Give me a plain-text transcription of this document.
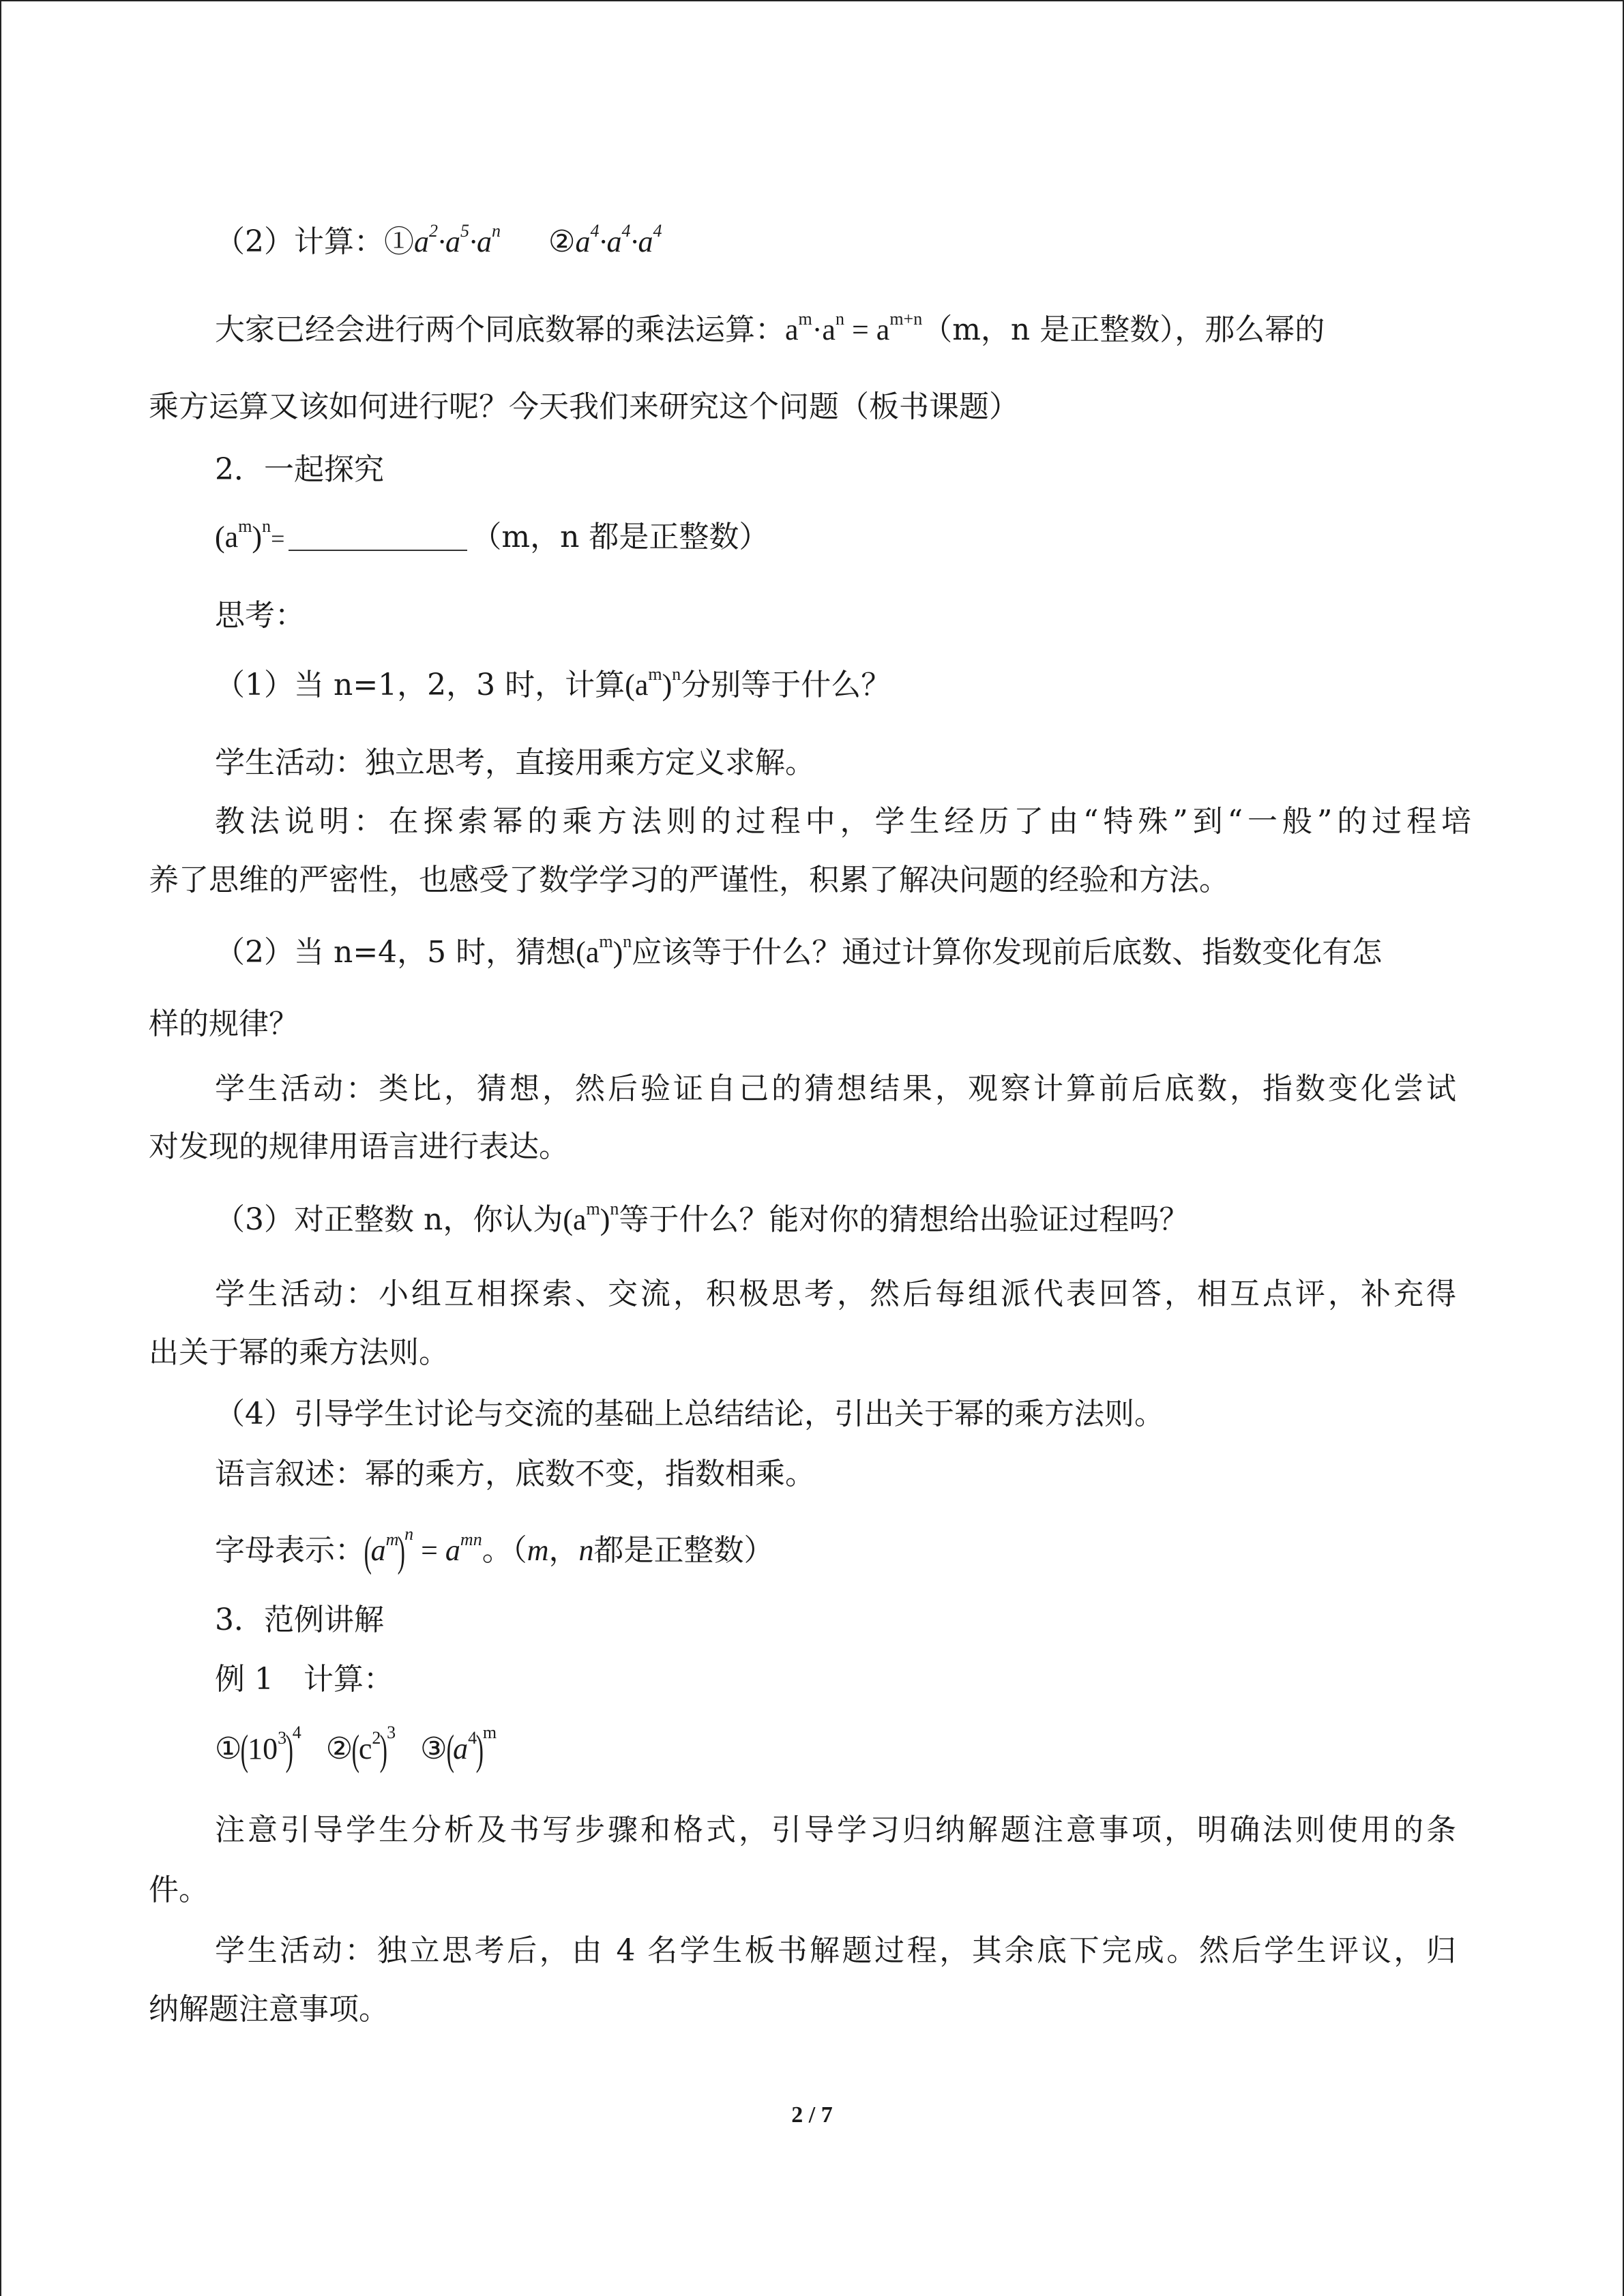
（2）计算：$①a^2\cdot a^5\cdot a^n$ $②a^4\cdot a^4\cdot a^4$
大家已经会进行两个同底数幂的乘法运算：$a^m\cdot a^n = a^{m+n}(m$，n 是正整数），那么幂的
乘方运算又该如何进行呢？今天我们来研究这个问题（板书课题）
2．一起探究
$(a^m)^n=$	（m，n 都是正整数）
思考：
（1）当 n=1，2，3 时，计算$(a^m)^n$分别等于什么？
学生活动：独立思考，直接用乘方定义求解。
教法说明：在探索幂的乘方法则的过程中，学生经历了由“特殊”到“一般”的过程培
养了思维的严密性，也感受了数学学习的严谨性，积累了解决问题的经验和方法。
（2）当 n=4，5 时，猜想$(a^m)^n$应该等于什么？通过计算你发现前后底数、指数变化有怎
样的规律？
学生活动：类比，猜想，然后验证自己的猜想结果，观察计算前后底数，指数变化尝试
对发现的规律用语言进行表达。
（3）对正整数 n，你认为$(a^m)^n$等于什么？能对你的猜想给出验证过程吗？
学生活动：小组互相探索、交流，积极思考，然后每组派代表回答，相互点评，补充得
出关于幂的乘方法则。
（4）引导学生讨论与交流的基础上总结结论，引出关于幂的乘方法则。
语言叙述：幂的乘方，底数不变，指数相乘。
字母表示：$(a^m)^n = a^{mn}$。（m，n都是正整数）
3．范例讲解
例 1　计算：
$①(10^3)^4$ $②(c^2)^3$ $③(a^4)^m$
注意引导学生分析及书写步骤和格式，引导学习归纳解题注意事项，明确法则使用的条
件。
学生活动：独立思考后，由 4 名学生板书解题过程，其余底下完成。然后学生评议，归
纳解题注意事项。
2 / 7
